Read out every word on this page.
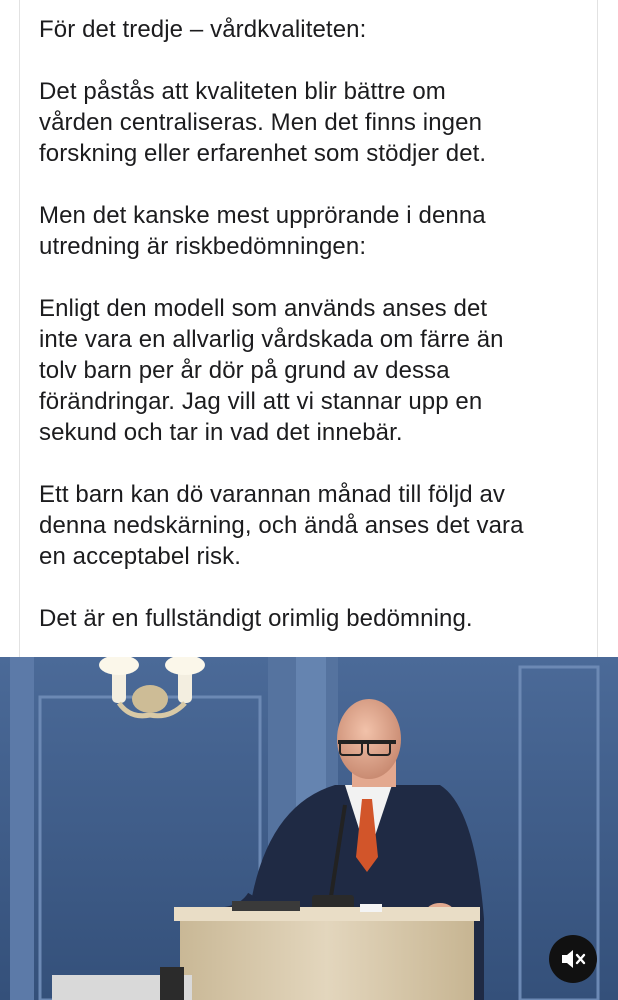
För det tredje – vårdkvaliteten:

Det påstås att kvaliteten blir bättre om
vården centraliseras. Men det finns ingen
forskning eller erfarenhet som stödjer det.

Men det kanske mest upprörande i denna
utredning är riskbedömningen:

Enligt den modell som används anses det
inte vara en allvarlig vårdskada om färre än
tolv barn per år dör på grund av dessa
förändringar. Jag vill att vi stannar upp en
sekund och tar in vad det innebär.

Ett barn kan dö varannan månad till följd av
denna nedskärning, och ändå anses det vara
en acceptabel risk.

Det är en fullständigt orimlig bedömning.
